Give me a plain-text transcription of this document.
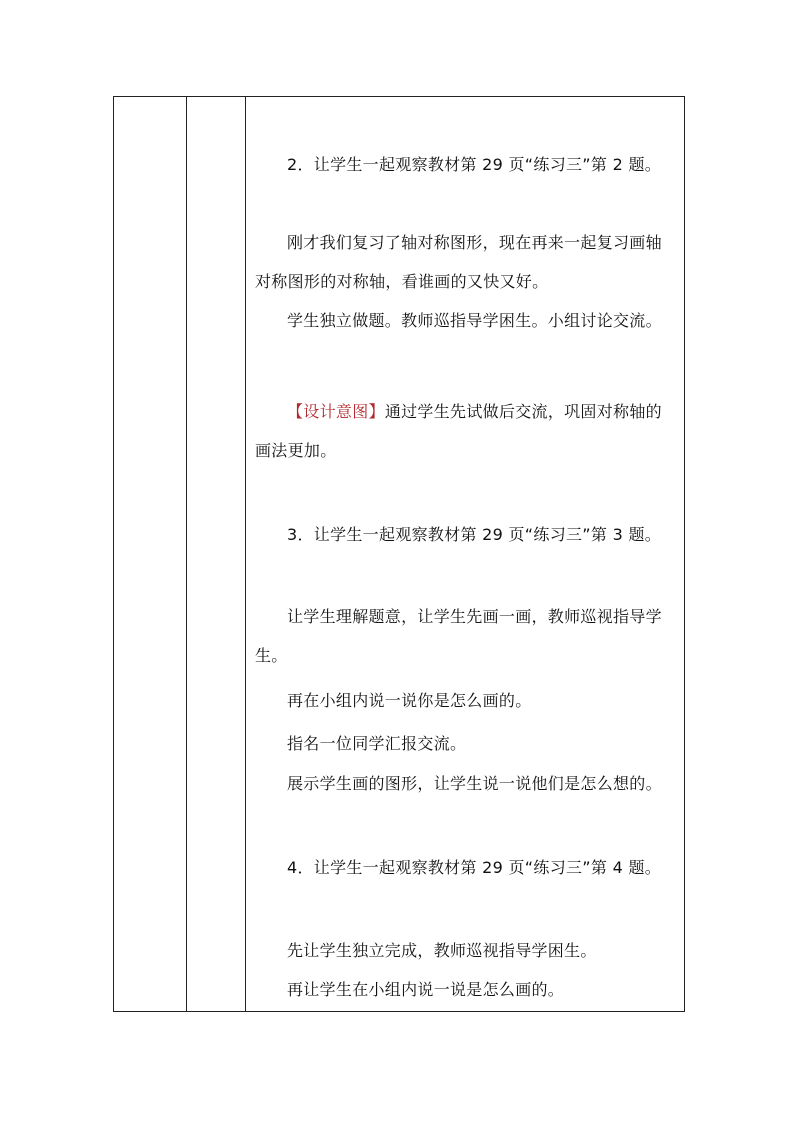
2．让学生一起观察教材第 29 页“练习三”第 2 题。

刚才我们复习了轴对称图形，现在再来一起复习画轴对称图形的对称轴，看谁画的又快又好。

学生独立做题。教师巡指导学困生。小组讨论交流。

【设计意图】通过学生先试做后交流，巩固对称轴的画法更加。

3．让学生一起观察教材第 29 页“练习三”第 3 题。

让学生理解题意，让学生先画一画，教师巡视指导学生。

再在小组内说一说你是怎么画的。

指名一位同学汇报交流。

展示学生画的图形，让学生说一说他们是怎么想的。

4．让学生一起观察教材第 29 页“练习三”第 4 题。

先让学生独立完成，教师巡视指导学困生。

再让学生在小组内说一说是怎么画的。
